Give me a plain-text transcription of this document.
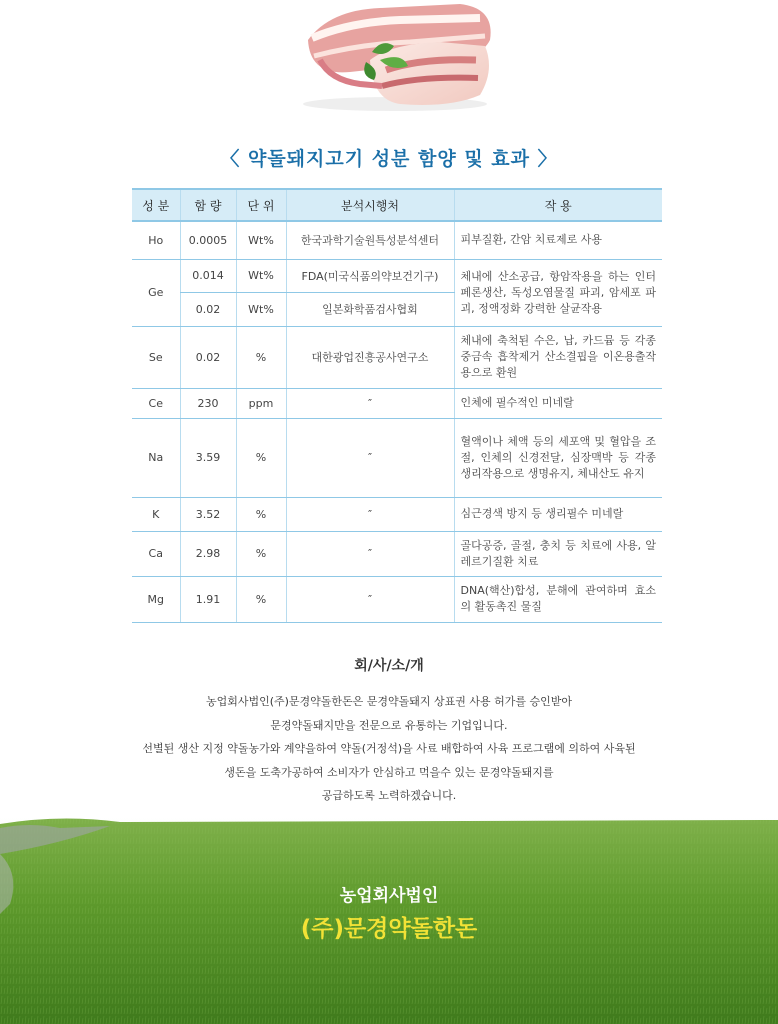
〈 약돌돼지고기 성분 함양 및 효과 〉
성 분	함 량	단 위	분석시행처	작 용
Ho	0.0005	Wt%	한국과학기술원특성분석센터	피부질환, 간암 치료제로 사용
Ge	0.014	Wt%	FDA(미국식품의약보건기구)	체내에 산소공급, 항암작용을 하는 인터페론생산, 독성오염물질 파괴, 암세포 파괴, 정액정화 강력한 살균작용
	0.02	Wt%	일본화학품검사협회	
Se	0.02	%	대한광업진흥공사연구소	체내에 축척된 수은, 납, 카드뮴 등 각종 중금속 흡착제거 산소결핍을 이온용출작용으로 환원
Ce	230	ppm	″	인체에 필수적인 미네랄
Na	3.59	%	″	혈액이나 체액 등의 세포액 및 혈압을 조절, 인체의 신경전달, 심장맥박 등 각종 생리작용으로 생명유지, 체내산도 유지
K	3.52	%	″	심근경색 방지 등 생리필수 미네랄
Ca	2.98	%	″	골다공증, 골절, 충치 등 치료에 사용, 알레르기질환 치료
Mg	1.91	%	″	DNA(핵산)합성, 분해에 관여하며 효소의 활동촉진 물질
회/사/소/개

농업회사법인(주)문경약돌한돈은 문경약돌돼지 상표권 사용 허가를 승인받아

문경약돌돼지만을 전문으로 유통하는 기업입니다.

선별된 생산 지정 약돌농가와 계약을하여 약돌(거정석)을 사료 배합하여 사육 프로그램에 의하여 사육된

생돈을 도축가공하여 소비자가 안심하고 먹을수 있는 문경약돌돼지를

공급하도록 노력하겠습니다.

농업회사법인
(주)문경약돌한돈
